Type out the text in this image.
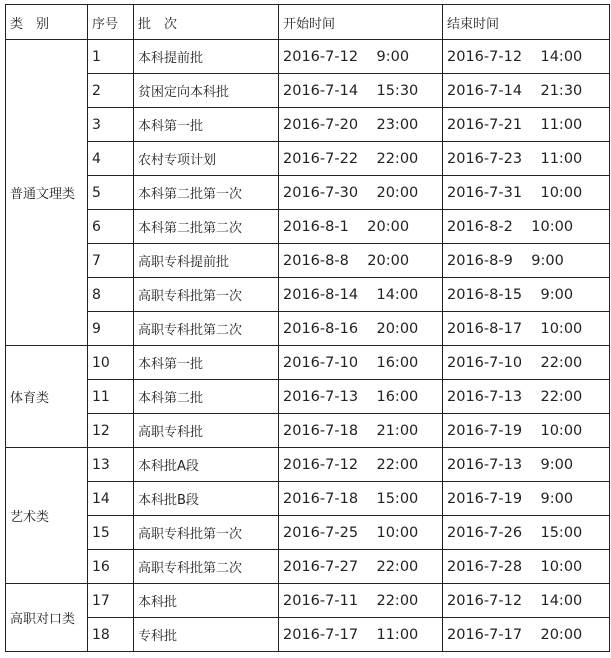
类　别	序号	批　次	开始时间	结束时间
普通文理类	1	本科提前批	2016-7-12    9:00	2016-7-12    14:00
	2	贫困定向本科批	2016-7-14    15:30	2016-7-14    21:30
	3	本科第一批	2016-7-20    23:00	2016-7-21    11:00
	4	农村专项计划	2016-7-22    22:00	2016-7-23    11:00
	5	本科第二批第一次	2016-7-30    20:00	2016-7-31    10:00
	6	本科第二批第二次	2016-8-1    20:00	2016-8-2    10:00
	7	高职专科提前批	2016-8-8    20:00	2016-8-9    9:00
	8	高职专科批第一次	2016-8-14    14:00	2016-8-15    9:00
	9	高职专科批第二次	2016-8-16    20:00	2016-8-17    10:00
体育类	10	本科第一批	2016-7-10    16:00	2016-7-10    22:00
	11	本科第二批	2016-7-13    16:00	2016-7-13    22:00
	12	高职专科批	2016-7-18    21:00	2016-7-19    10:00
艺术类	13	本科批A段	2016-7-12    22:00	2016-7-13    9:00
	14	本科批B段	2016-7-18    15:00	2016-7-19    9:00
	15	高职专科批第一次	2016-7-25    10:00	2016-7-26    15:00
	16	高职专科批第二次	2016-7-27    22:00	2016-7-28    10:00
高职对口类	17	本科批	2016-7-11    22:00	2016-7-12    14:00
	18	专科批	2016-7-17    11:00	2016-7-17    20:00
